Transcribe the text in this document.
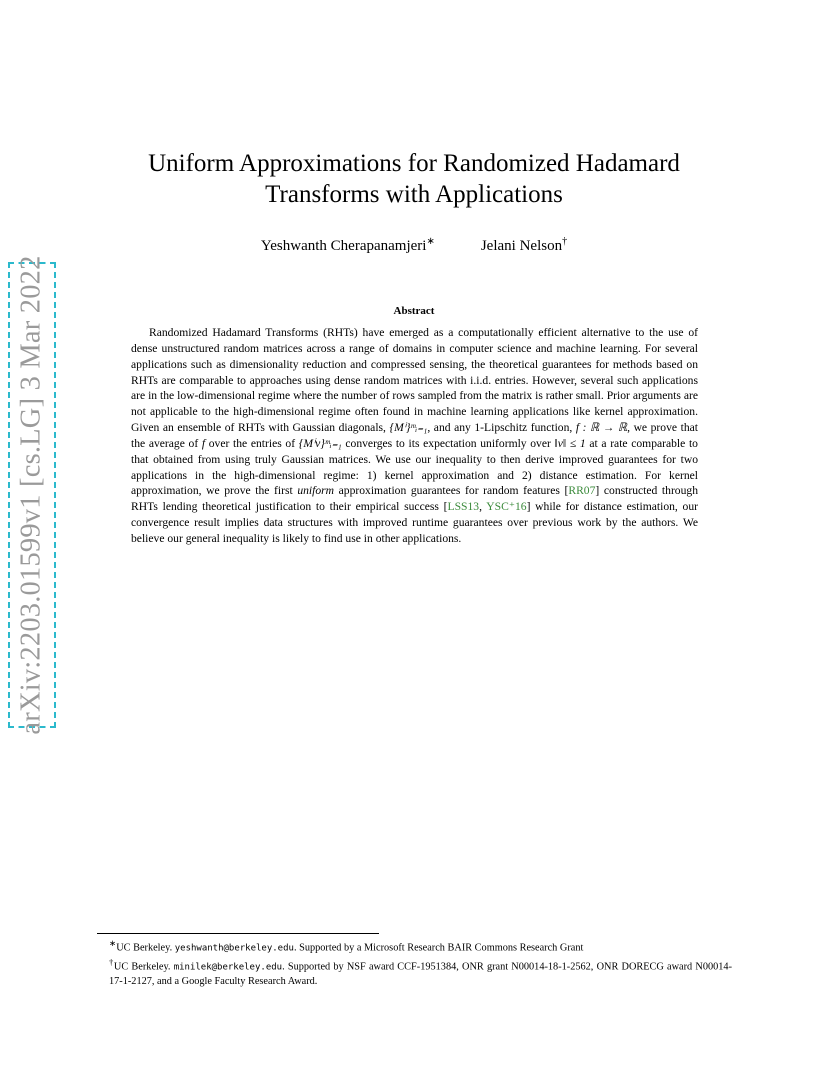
arXiv:2203.01599v1 [cs.LG] 3 Mar 2022
Uniform Approximations for Randomized Hadamard
Transforms with Applications
Yeshwanth Cherapanamjeri∗	Jelani Nelson†
Abstract

Randomized Hadamard Transforms (RHTs) have emerged as a computationally efficient alternative to the use of dense unstructured random matrices across a range of domains in computer science and machine learning. For several applications such as dimensionality reduction and compressed sensing, the theoretical guarantees for methods based on RHTs are comparable to approaches using dense random matrices with i.i.d. entries. However, several such applications are in the low-dimensional regime where the number of rows sampled from the matrix is rather small. Prior arguments are not applicable to the high-dimensional regime often found in machine learning applications like kernel approximation. Given an ensemble of RHTs with Gaussian diagonals, {Mⁱ}ᵐᵢ₌₁, and any 1-Lipschitz function, f : ℝ → ℝ, we prove that the average of f over the entries of {Mⁱv}ᵐᵢ₌₁ converges to its expectation uniformly over ‖v‖ ≤ 1 at a rate comparable to that obtained from using truly Gaussian matrices. We use our inequality to then derive improved guarantees for two applications in the high-dimensional regime: 1) kernel approximation and 2) distance estimation. For kernel approximation, we prove the first uniform approximation guarantees for random features [RR07] constructed through RHTs lending theoretical justification to their empirical success [LSS13, YSC⁺16] while for distance estimation, our convergence result implies data structures with improved runtime guarantees over previous work by the authors. We believe our general inequality is likely to find use in other applications.

∗UC Berkeley. yeshwanth@berkeley.edu. Supported by a Microsoft Research BAIR Commons Research Grant

†UC Berkeley. minilek@berkeley.edu. Supported by NSF award CCF-1951384, ONR grant N00014-18-1-2562, ONR DORECG award N00014-17-1-2127, and a Google Faculty Research Award.
